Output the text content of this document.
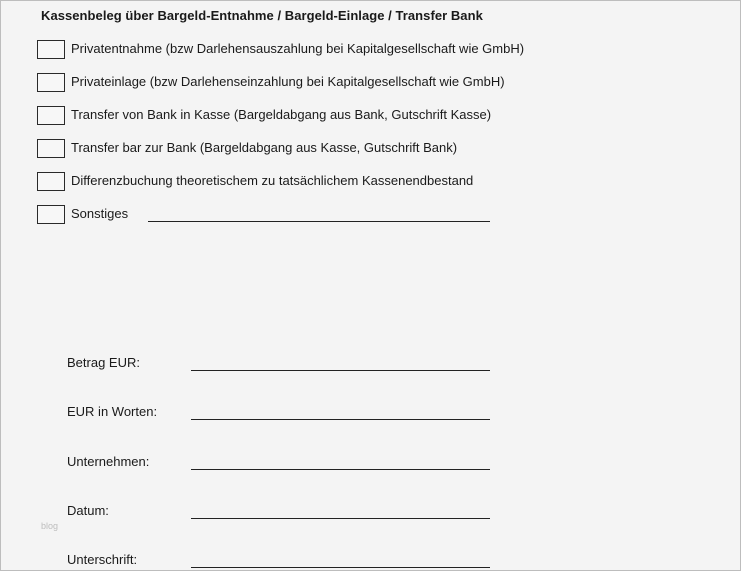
Kassenbeleg über Bargeld-Entnahme / Bargeld-Einlage / Transfer Bank
Privatentnahme (bzw Darlehensauszahlung bei Kapitalgesellschaft wie GmbH)
Privateinlage (bzw Darlehenseinzahlung bei Kapitalgesellschaft wie GmbH)
Transfer von Bank in Kasse (Bargeldabgang aus Bank, Gutschrift Kasse)
Transfer bar zur Bank (Bargeldabgang aus Kasse, Gutschrift Bank)
Differenzbuchung theoretischem zu tatsächlichem Kassenendbestand
Sonstiges
Betrag EUR:
EUR in Worten:
Unternehmen:
Datum:
Unterschrift:
blog
